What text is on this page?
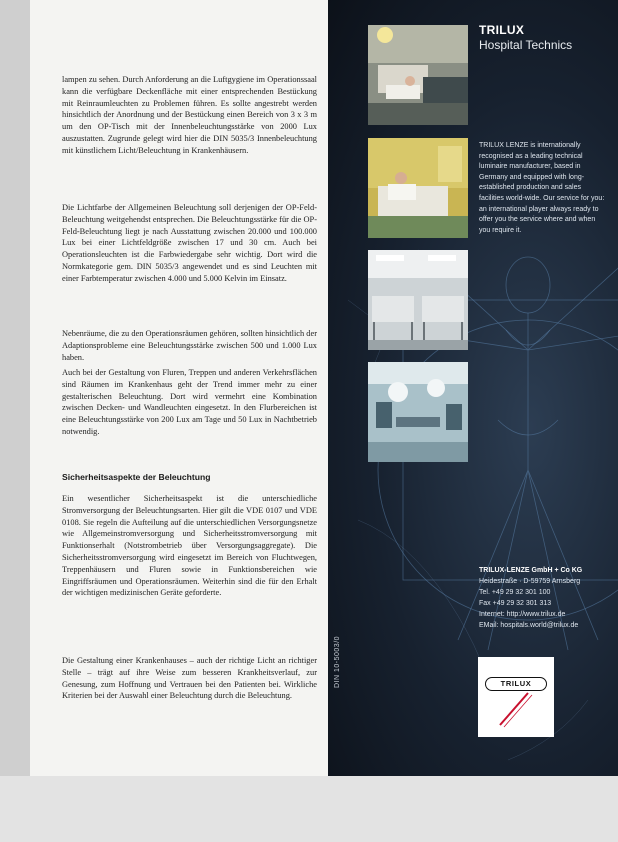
lampen zu sehen. Durch Anforderung an die Luftgygiene im Operationssaal kann die verfügbare Deckenfläche mit einer entsprechenden Bestückung mit Reinraumleuchten zu Problemen führen. Es sollte angestrebt werden hinsichtlich der Anordnung und der Bestückung einen Bereich von 3 x 3 m um den OP-Tisch mit der Innenbeleuchtungsstärke von 2000 Lux auszustatten. Zugrunde gelegt wird hier die DIN 5035/3 Innenbeleuchtung mit künstlichem Licht/Beleuchtung in Krankenhäusern.

Die Lichtfarbe der Allgemeinen Beleuchtung soll derjenigen der OP-Feld-Beleuchtung weitgehendst entsprechen. Die Beleuchtungsstärke für die OP-Feld-Beleuchtung liegt je nach Ausstattung zwischen 20.000 und 100.000 Lux bei einer Lichtfeldgröße zwischen 17 und 30 cm. Auch bei Operationsleuchten ist die Farbwiedergabe sehr wichtig. Dort wird die Normkategorie gem. DIN 5035/3 angewendet und es sind Leuchten mit einer Farbtemperatur zwischen 4.000 und 5.000 Kelvin im Einsatz.

Nebenräume, die zu den Operationsräumen gehören, sollten hinsichtlich der Adaptionsprobleme eine Beleuchtungsstärke zwischen 500 und 1.000 Lux haben.

Auch bei der Gestaltung von Fluren, Treppen und anderen Verkehrsflächen sind Räumen im Krankenhaus geht der Trend immer mehr zu einer gestalterischen Beleuchtung. Dort wird vermehrt eine Kombination zwischen Decken- und Wandleuchten eingesetzt. In den Flurbereichen ist eine Beleuchtungsstärke von 200 Lux am Tage und 50 Lux in Nachtbetrieb notwendig.

Sicherheitsaspekte der Beleuchtung

Ein wesentlicher Sicherheitsaspekt ist die unterschiedliche Stromversorgung der Beleuchtungsarten. Hier gilt die VDE 0107 und VDE 0108. Sie regeln die Aufteilung auf die unterschiedlichen Versorgungsnetze wie Allgemeinstromversorgung und Sicherheitsstromversorgung mit Funktionserhalt (Notstrombetrieb über Versorgungsaggregate). Die Sicherheitsstromversorgung wird eingesetzt im Bereich von Fluchtwegen, Treppenhäusern und Fluren sowie in Funktionsbereichen wie Eingriffsräumen und Operationsräumen. Weiterhin sind die für den Erhalt der wichtigen medizinischen Geräte geforderte.

Die Gestaltung einer Krankenhauses – auch der richtige Licht an richtiger Stelle – trägt auf ihre Weise zum besseren Krankheitsverlauf, zur Genesung, zum Hoffnung und Vertrauen bei den Patienten bei. Wirkliche Kriterien bei der Auswahl einer Beleuchtung durch die Beleuchtung.

TRILUX
Hospital Technics

TRILUX LENZE is internationally recognised as a leading technical luminaire manufacturer, based in Germany and equipped with long-established production and sales facilities world-wide. Our service for you: an international player always ready to offer you the service where and when you require it.

TRILUX-LENZE GmbH + Co KG
Heidestraße · D-59759 Arnsberg
Tel. +49 29 32 301 100
Fax +49 29 32 301 313
Internet: http://www.trilux.de
EMail: hospitals.world@trilux.de
TRILUX
DIN 10-5003/0
